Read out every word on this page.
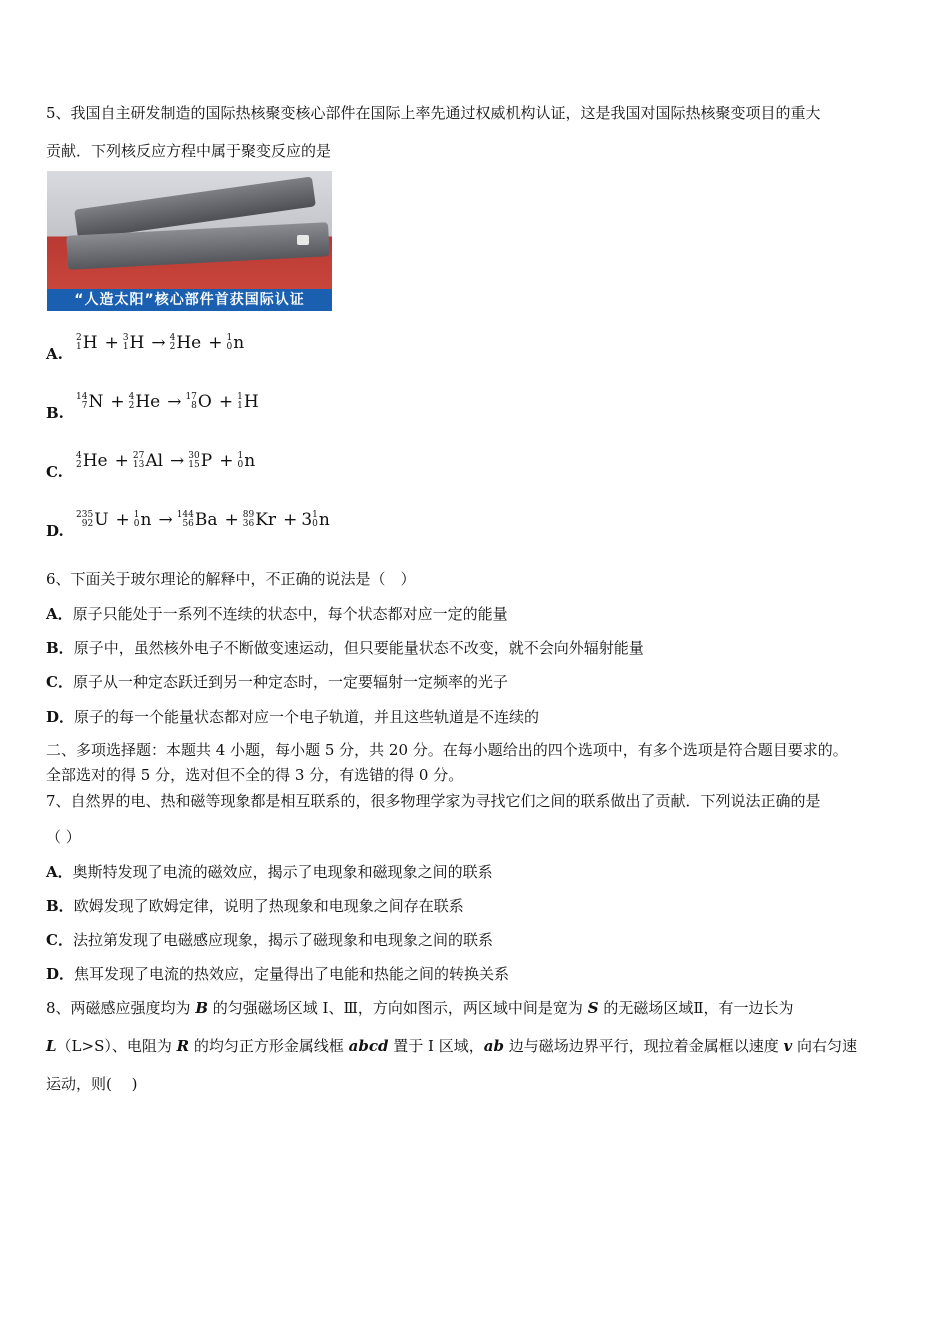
5、我国自主研发制造的国际热核聚变核心部件在国际上率先通过权威机构认证，这是我国对国际热核聚变项目的重大
贡献．下列核反应方程中属于聚变反应的是
“人造太阳”核心部件首获国际认证
A.
2
1 H + 3
1 H → 4
2 He + 1
0 n
B.
14
7 N + 4
2 He → 17
8 O + 1
1 H
C.
4
2 He + 27
13 Al → 30
15 P + 1
0 n
D.
235
92 U + 1
0 n → 144
56 Ba + 89
36 Kr + 3 1
0 n
6、下面关于玻尔理论的解释中，不正确的说法是（　）
A．原子只能处于一系列不连续的状态中，每个状态都对应一定的能量
B．原子中，虽然核外电子不断做变速运动，但只要能量状态不改变，就不会向外辐射能量
C．原子从一种定态跃迁到另一种定态时，一定要辐射一定频率的光子
D．原子的每一个能量状态都对应一个电子轨道，并且这些轨道是不连续的
二、多项选择题：本题共 4 小题，每小题 5 分，共 20 分。在每小题给出的四个选项中，有多个选项是符合题目要求的。
全部选对的得 5 分，选对但不全的得 3 分，有选错的得 0 分。
7、自然界的电、热和磁等现象都是相互联系的，很多物理学家为寻找它们之间的联系做出了贡献．下列说法正确的是
（ ）
A．奥斯特发现了电流的磁效应，揭示了电现象和磁现象之间的联系
B．欧姆发现了欧姆定律，说明了热现象和电现象之间存在联系
C．法拉第发现了电磁感应现象，揭示了磁现象和电现象之间的联系
D．焦耳发现了电流的热效应，定量得出了电能和热能之间的转换关系
8、两磁感应强度均为 B 的匀强磁场区域 Ⅰ、Ⅲ，方向如图示，两区域中间是宽为 S 的无磁场区域Ⅱ，有一边长为
L（L>S）、电阻为 R 的均匀正方形金属线框 abcd 置于 Ⅰ 区域，ab 边与磁场边界平行，现拉着金属框以速度 v 向右匀速
运动，则(　 )
